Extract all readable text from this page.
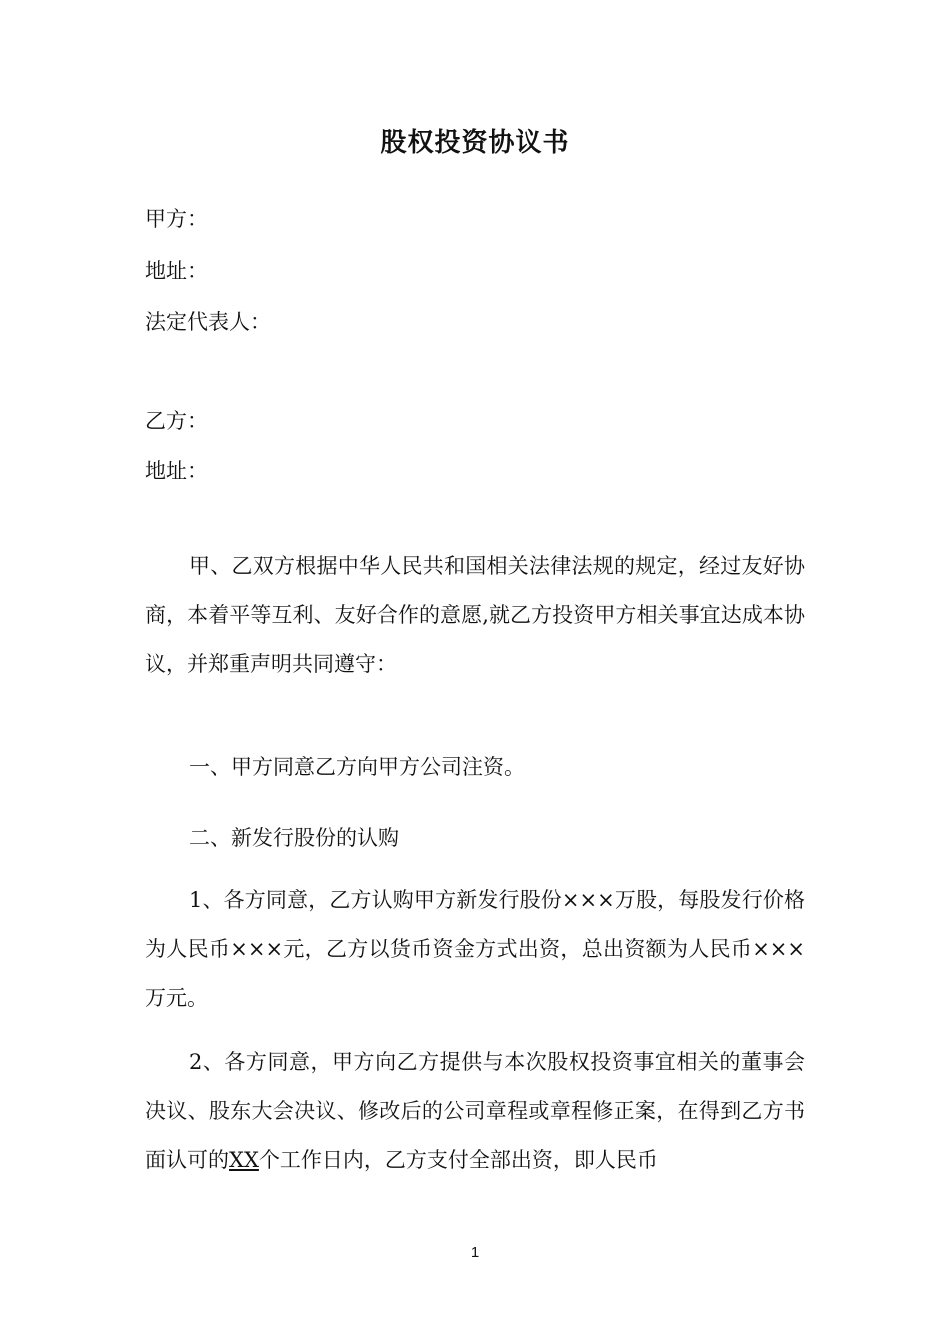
股权投资协议书
甲方：
地址：
法定代表人：
乙方：
地址：
甲、乙双方根据中华人民共和国相关法律法规的规定，经过友好协商，本着平等互利、友好合作的意愿,就乙方投资甲方相关事宜达成本协议，并郑重声明共同遵守：
一、甲方同意乙方向甲方公司注资。
二、新发行股份的认购
1、各方同意，乙方认购甲方新发行股份×××万股，每股发行价格为人民币×××元，乙方以货币资金方式出资，总出资额为人民币×××万元。
2、各方同意，甲方向乙方提供与本次股权投资事宜相关的董事会决议、股东大会决议、修改后的公司章程或章程修正案，在得到乙方书面认可的XX个工作日内，乙方支付全部出资，即人民币
1
